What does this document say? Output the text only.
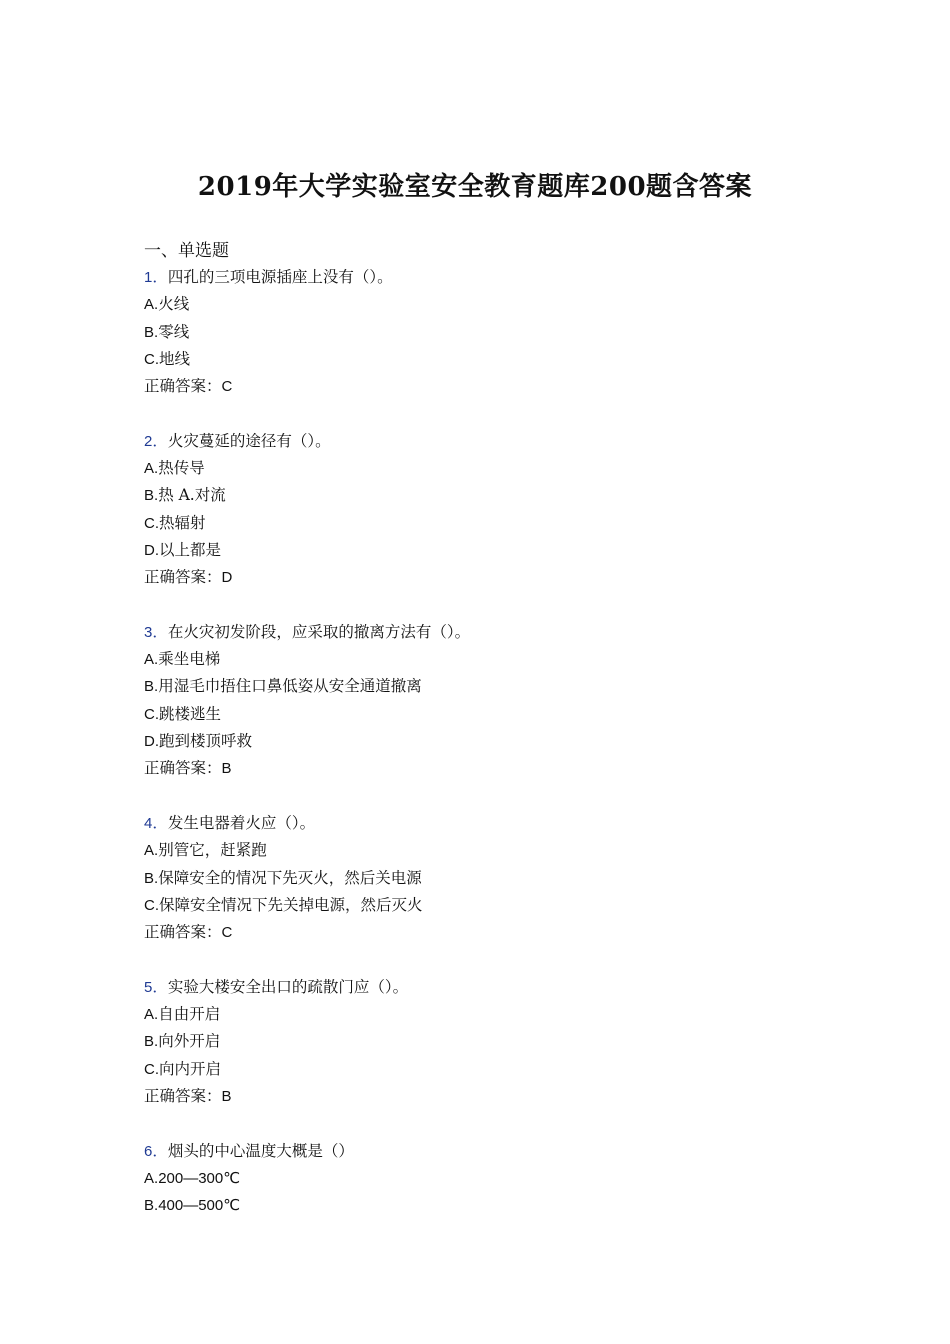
2019年大学实验室安全教育题库200题含答案
一、单选题
1．四孔的三项电源插座上没有（）。
A.火线
B.零线
C.地线
正确答案：C
2．火灾蔓延的途径有（）。
A.热传导
B.热 A.对流
C.热辐射
D.以上都是
正确答案：D
3．在火灾初发阶段，应采取的撤离方法有（）。
A.乘坐电梯
B.用湿毛巾捂住口鼻低姿从安全通道撤离
C.跳楼逃生
D.跑到楼顶呼救
正确答案：B
4．发生电器着火应（）。
A.别管它，赶紧跑
B.保障安全的情况下先灭火，然后关电源
C.保障安全情况下先关掉电源，然后灭火
正确答案：C
5．实验大楼安全出口的疏散门应（）。
A.自由开启
B.向外开启
C.向内开启
正确答案：B
6．烟头的中心温度大概是（）
A.200—300℃
B.400—500℃
